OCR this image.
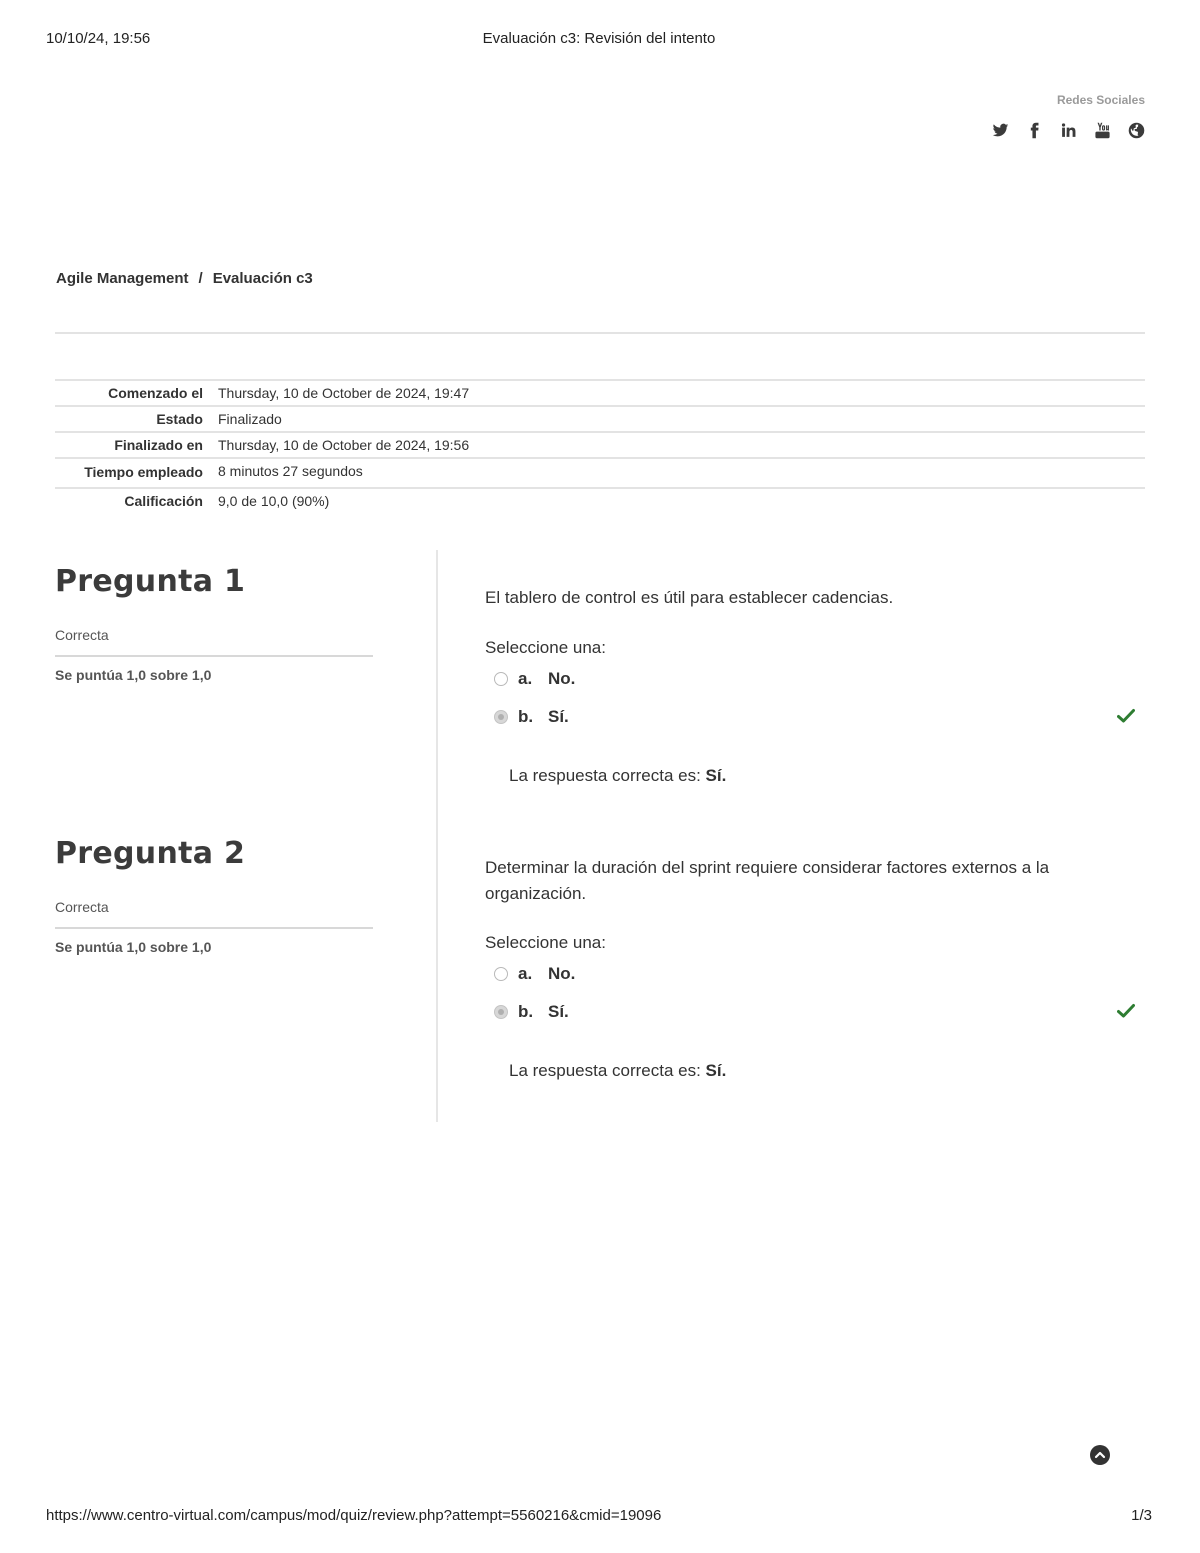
10/10/24, 19:56	Evaluación c3: Revisión del intento
Redes Sociales
Agile Management / Evaluación c3
Comenzado el	Thursday, 10 de October de 2024, 19:47
Estado	Finalizado
Finalizado en	Thursday, 10 de October de 2024, 19:56
Tiempo empleado	8 minutos 27 segundos
Calificación	9,0 de 10,0 (90%)
Pregunta 1
Correcta
Se puntúa 1,0 sobre 1,0
El tablero de control es útil para establecer cadencias.
Seleccione una:
a. No.
b. Sí.
La respuesta correcta es: Sí.
Pregunta 2
Correcta
Se puntúa 1,0 sobre 1,0
Determinar la duración del sprint requiere considerar factores externos a la organización.
Seleccione una:
a. No.
b. Sí.
La respuesta correcta es: Sí.
https://www.centro-virtual.com/campus/mod/quiz/review.php?attempt=5560216&cmid=19096	1/3
